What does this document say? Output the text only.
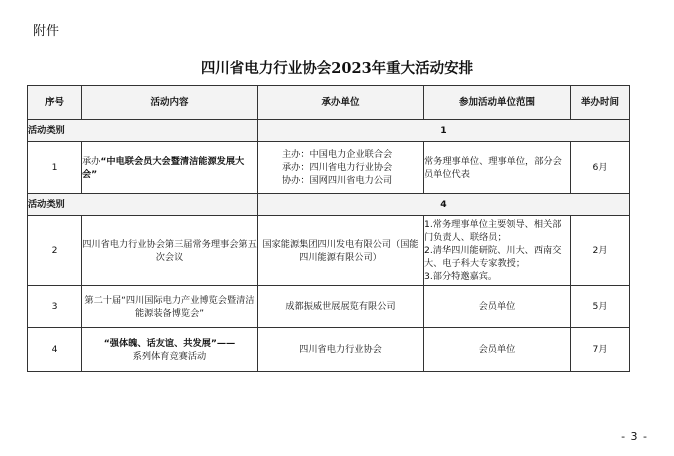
附件
四川省电力行业协会2023年重大活动安排
序号	活动内容	承办单位	参加活动单位范围	举办时间
活动类别		1		
1	承办“中电联会员大会暨清洁能源发展大会”	主办：中国电力企业联合会
承办：四川省电力行业协会
协办：国网四川省电力公司	常务理事单位、理事单位，部分会员单位代表	6月
活动类别		4		
2	四川省电力行业协会第三届常务理事会第五次会议	国家能源集团四川发电有限公司（国能四川能源有限公司）	1.常务理事单位主要领导、相关部门负责人、联络员；
2.清华四川能研院、川大、西南交大、电子科大专家教授；
3.部分特邀嘉宾。	2月
3	第二十届“四川国际电力产业博览会暨清洁能源装备博览会”	成都振威世展展览有限公司	会员单位	5月
4	“强体魄、话友谊、共发展”——
系列体育竞赛活动	四川省电力行业协会	会员单位	7月
- 3 -
